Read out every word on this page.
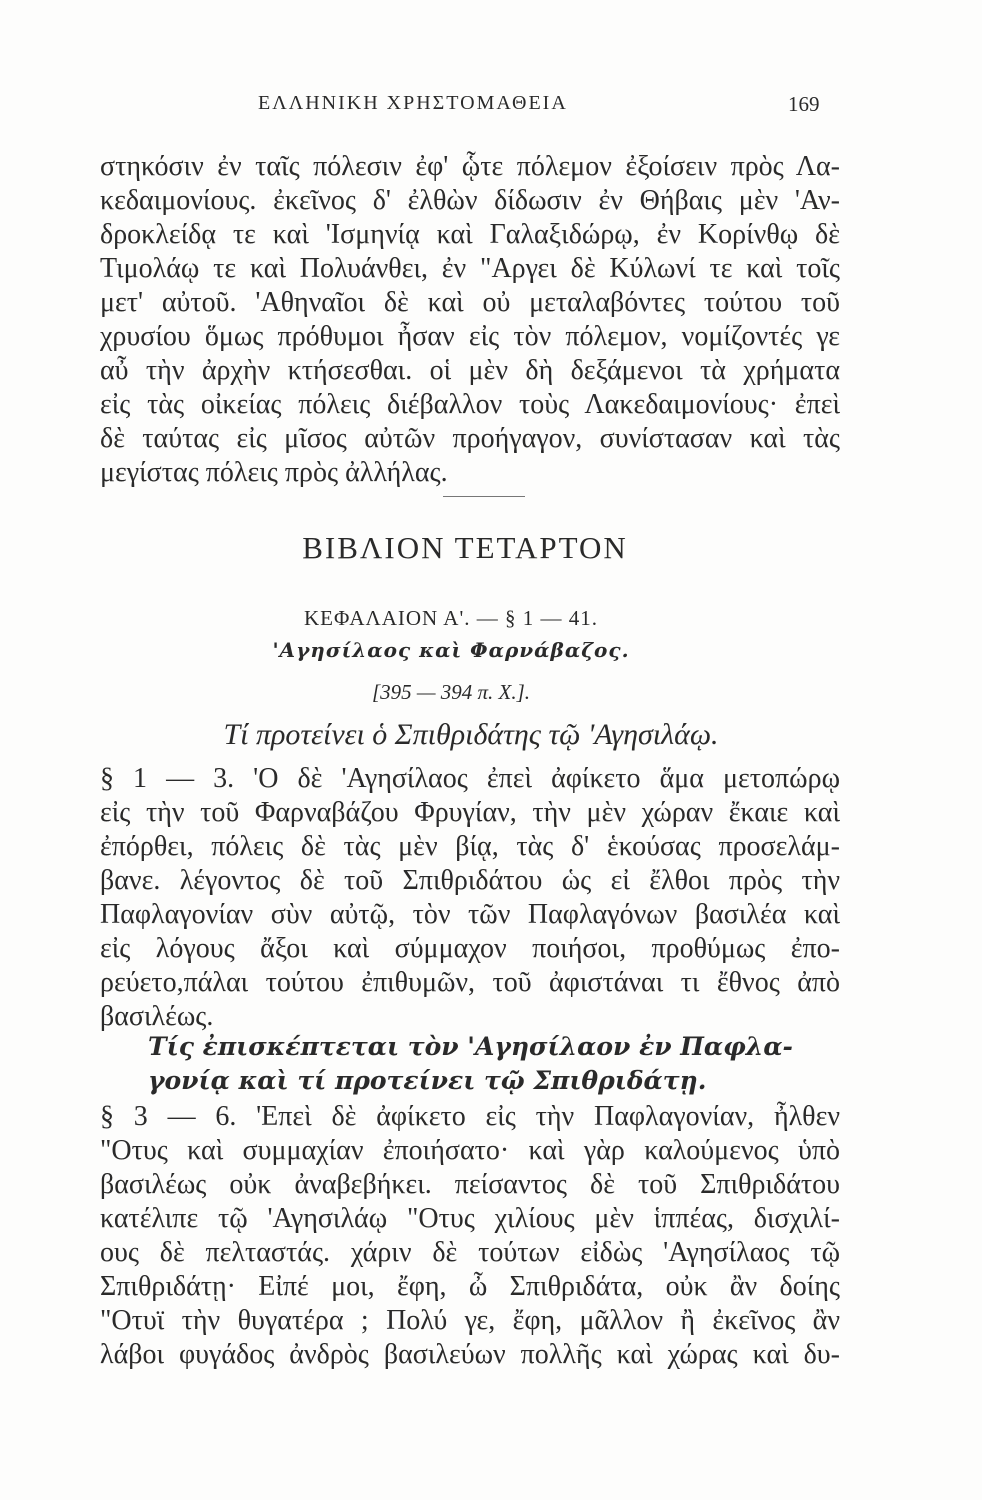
ΕΛΛΗΝΙΚΗ ΧΡΗΣΤΟΜΑΘΕΙΑ	169
στηκόσιν ἐν ταῖς πόλεσιν ἐφ' ᾧτε πόλεμον ἐξοίσειν πρὸς Λα-
κεδαιμονίους. ἐκεῖνος δ' ἐλθὼν δίδωσιν ἐν Θήβαις μὲν 'Αν-
δροκλείδᾳ τε καὶ 'Ισμηνίᾳ καὶ Γαλαξιδώρῳ, ἐν Κορίνθῳ δὲ
Τιμολάῳ τε καὶ Πολυάνθει, ἐν "Αργει δὲ Κύλωνί τε καὶ τοῖς
μετ' αὐτοῦ. 'Αθηναῖοι δὲ καὶ οὐ μεταλαβόντες τούτου τοῦ
χρυσίου ὅμως πρόθυμοι ἦσαν εἰς τὸν πόλεμον, νομίζοντές γε
αὖ τὴν ἀρχὴν κτήσεσθαι. οἱ μὲν δὴ δεξάμενοι τὰ χρήματα
εἰς τὰς οἰκείας πόλεις διέβαλλον τοὺς Λακεδαιμονίους· ἐπεὶ
δὲ ταύτας εἰς μῖσος αὐτῶν προήγαγον, συνίστασαν καὶ τὰς
μεγίστας πόλεις πρὸς ἀλλήλας.
ΒΙΒΛΙΟΝ ΤΕΤΑΡΤΟΝ
ΚΕΦΑΛΑΙΟΝ Α'. — § 1 — 41.
'Αγησίλαος καὶ Φαρνάβαζος.
[395 — 394 π. Χ.].
Τί προτείνει ὁ Σπιθριδάτης τῷ 'Αγησιλάῳ.
§ 1 — 3. 'Ο δὲ 'Αγησίλαος ἐπεὶ ἀφίκετο ἅμα μετοπώρῳ
εἰς τὴν τοῦ Φαρναβάζου Φρυγίαν, τὴν μὲν χώραν ἔκαιε καὶ
ἐπόρθει, πόλεις δὲ τὰς μὲν βίᾳ, τὰς δ' ἑκούσας προσελάμ-
βανε. λέγοντος δὲ τοῦ Σπιθριδάτου ὡς εἰ ἔλθοι πρὸς τὴν
Παφλαγονίαν σὺν αὐτῷ, τὸν τῶν Παφλαγόνων βασιλέα καὶ
εἰς λόγους ἄξοι καὶ σύμμαχον ποιήσοι, προθύμως ἐπο-
ρεύετο,πάλαι τούτου ἐπιθυμῶν, τοῦ ἀφιστάναι τι ἔθνος ἀπὸ
βασιλέως.
Τίς ἐπισκέπτεται τὸν 'Αγησίλαον ἐν Παφλα-
γονίᾳ καὶ τί προτείνει τῷ Σπιθριδάτῃ.
§ 3 — 6. 'Επεὶ δὲ ἀφίκετο εἰς τὴν Παφλαγονίαν, ἦλθεν
"Οτυς καὶ συμμαχίαν ἐποιήσατο· καὶ γὰρ καλούμενος ὑπὸ
βασιλέως οὐκ ἀναβεβήκει. πείσαντος δὲ τοῦ Σπιθριδάτου
κατέλιπε τῷ 'Αγησιλάῳ "Οτυς χιλίους μὲν ἱππέας, δισχιλί-
ους δὲ πελταστάς. χάριν δὲ τούτων εἰδὼς 'Αγησίλαος τῷ
Σπιθριδάτῃ· Εἰπέ μοι, ἔφη, ὦ Σπιθριδάτα, οὐκ ἂν δοίης
"Οτυϊ τὴν θυγατέρα ; Πολύ γε, ἔφη, μᾶλλον ἢ ἐκεῖνος ἂν
λάβοι φυγάδος ἀνδρὸς βασιλεύων πολλῆς καὶ χώρας καὶ δυ-
